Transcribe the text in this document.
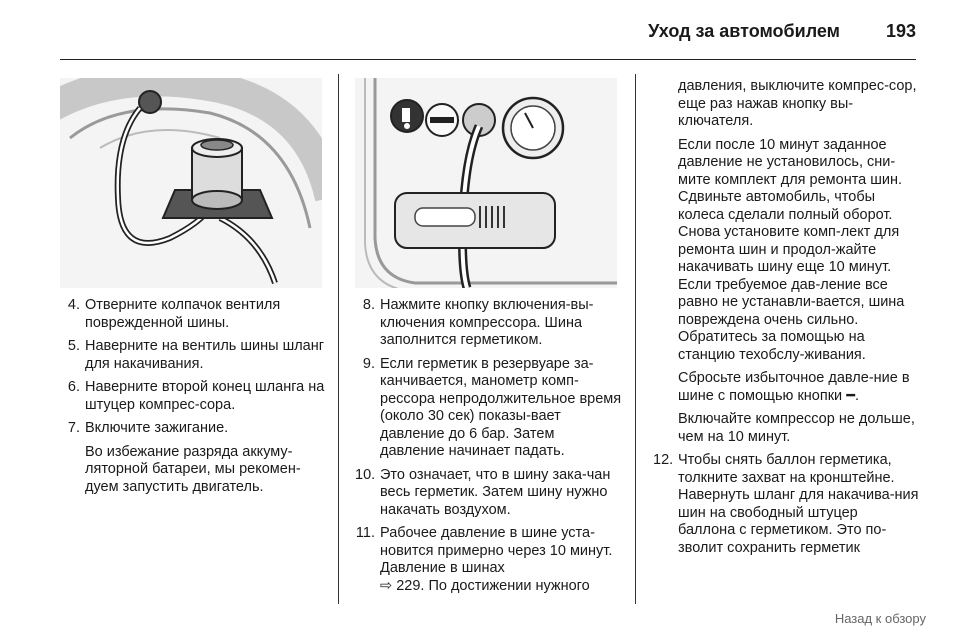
Уход за автомобилем	193
4. Отверните колпачок вентиля поврежденной шины.
5. Наверните на вентиль шины шланг для накачивания.
6. Наверните второй конец шланга на штуцер компрес-сора.
7. Включите зажигание.
Во избежание разряда аккуму-ляторной батареи, мы рекомен-дуем запустить двигатель.
8. Нажмите кнопку включения-вы-ключения компрессора. Шина заполнится герметиком.
9. Если герметик в резервуаре за-канчивается, манометр комп-рессора непродолжительное время (около 30 сек) показы-вает давление до 6 бар. Затем давление начинает падать.
10. Это означает, что в шину зака-чан весь герметик. Затем шину нужно накачать воздухом.
11. Рабочее давление в шине уста-новится примерно через 10 минут. Давление в шинах
⇨ 229. По достижении нужного
давления, выключите компрес-сор, еще раз нажав кнопку вы-ключателя.
Если после 10 минут заданное давление не установилось, сни-мите комплект для ремонта шин. Сдвиньте автомобиль, чтобы колеса сделали полный оборот. Снова установите комп-лект для ремонта шин и продол-жайте накачивать шину еще 10 минут. Если требуемое дав-ление все равно не устанавли-вается, шина повреждена очень сильно. Обратитесь за помощью на станцию техобслу-живания.
Сбросьте избыточное давле-ние в шине с помощью кнопки ━.
Включайте компрессор не дольше, чем на 10 минут.
12. Чтобы снять баллон герметика, толкните захват на кронштейне. Навернуть шланг для накачива-ния шин на свободный штуцер баллона с герметиком. Это по-зволит сохранить герметик
Назад к обзору
